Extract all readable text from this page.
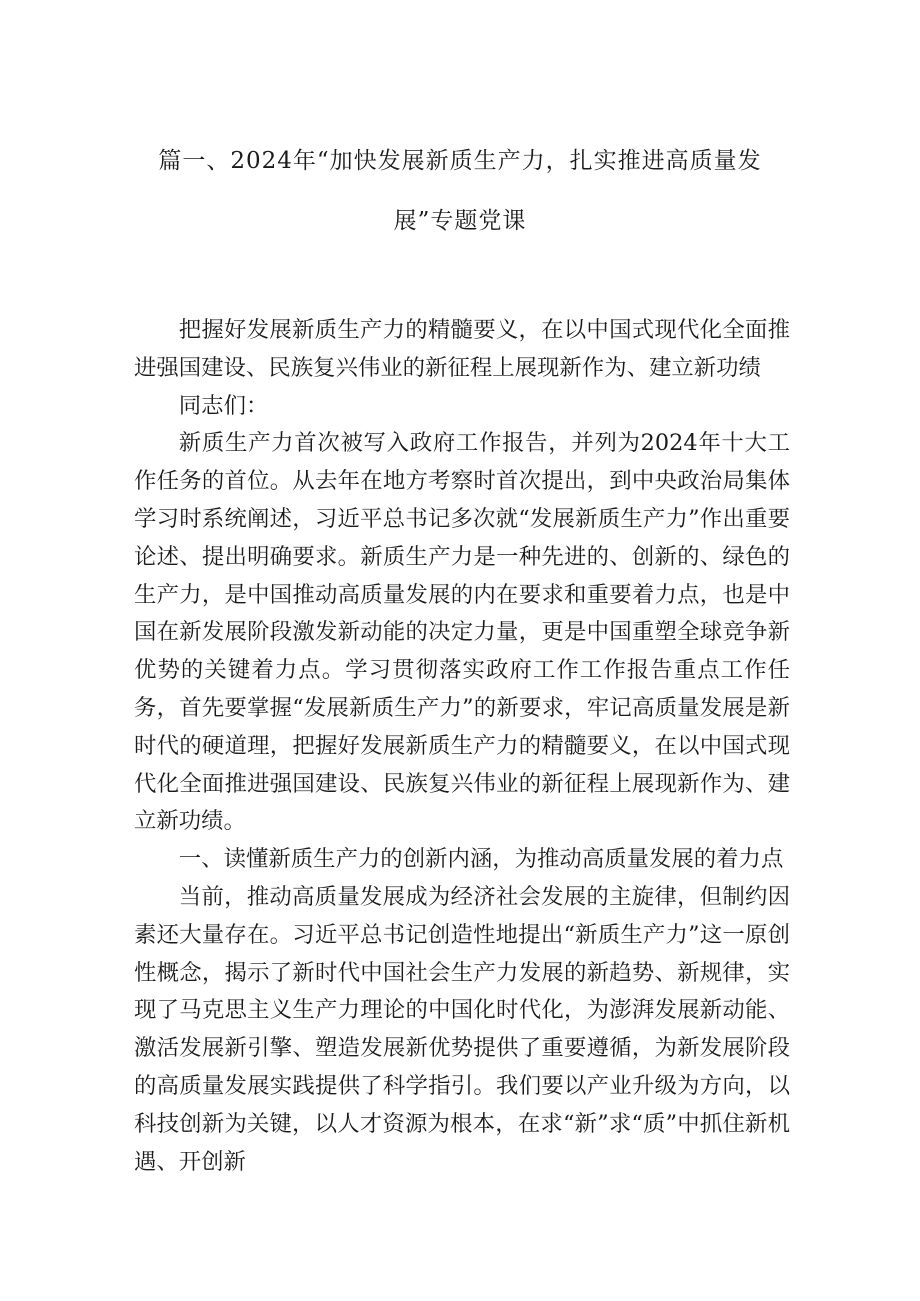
篇一、2024年“加快发展新质生产力，扎实推进高质量发
展”专题党课

把握好发展新质生产力的精髓要义，在以中国式现代化全面推进强国建设、民族复兴伟业的新征程上展现新作为、建立新功绩

同志们：

新质生产力首次被写入政府工作报告，并列为2024年十大工作任务的首位。从去年在地方考察时首次提出，到中央政治局集体学习时系统阐述，习近平总书记多次就“发展新质生产力”作出重要论述、提出明确要求。新质生产力是一种先进的、创新的、绿色的生产力，是中国推动高质量发展的内在要求和重要着力点，也是中国在新发展阶段激发新动能的决定力量，更是中国重塑全球竞争新优势的关键着力点。学习贯彻落实政府工作工作报告重点工作任务，首先要掌握“发展新质生产力”的新要求，牢记高质量发展是新时代的硬道理，把握好发展新质生产力的精髓要义，在以中国式现代化全面推进强国建设、民族复兴伟业的新征程上展现新作为、建立新功绩。

一、读懂新质生产力的创新内涵，为推动高质量发展的着力点

当前，推动高质量发展成为经济社会发展的主旋律，但制约因素还大量存在。习近平总书记创造性地提出“新质生产力”这一原创性概念，揭示了新时代中国社会生产力发展的新趋势、新规律，实现了马克思主义生产力理论的中国化时代化，为澎湃发展新动能、激活发展新引擎、塑造发展新优势提供了重要遵循，为新发展阶段的高质量发展实践提供了科学指引。我们要以产业升级为方向，以科技创新为关键，以人才资源为根本，在求“新”求“质”中抓住新机遇、开创新
